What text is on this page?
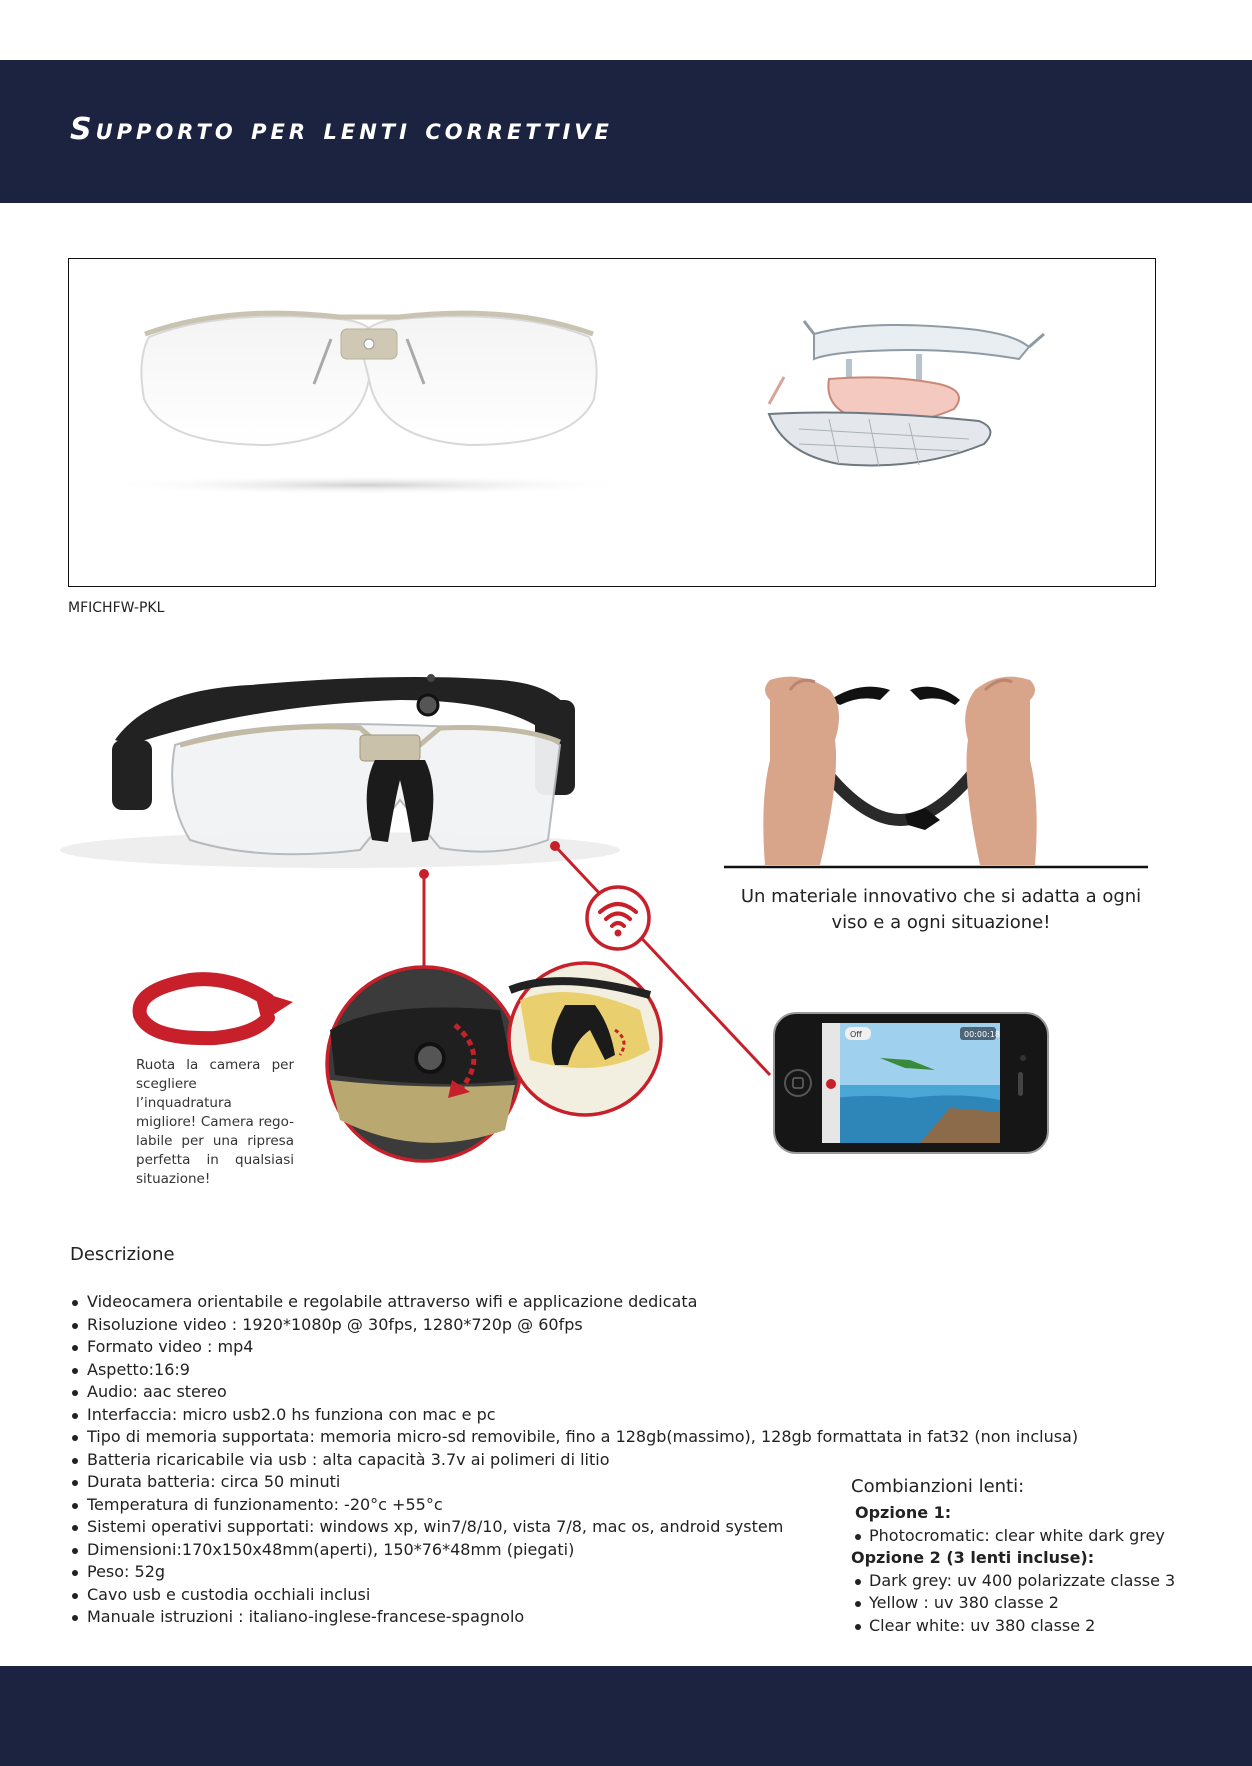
Supporto per lenti correttive
MFICHFW-PKL
Off	00:00:18
Un materiale innovativo che si adatta a ogni viso e a ogni situazione!
Ruota la camera per scegliere l’inquadratura migliore! Camera rego-labile per una ripresa perfetta in qualsiasi situazione!
Descrizione
Videocamera orientabile e regolabile attraverso wifi e applicazione dedicata
Risoluzione video : 1920*1080p @ 30fps, 1280*720p @ 60fps
Formato video : mp4
Aspetto:16:9
Audio: aac stereo
Interfaccia: micro usb2.0 hs funziona con mac e pc
Tipo di memoria supportata: memoria micro-sd removibile, fino a 128gb(massimo), 128gb formattata in fat32 (non inclusa)
Batteria ricaricabile via usb : alta capacità 3.7v ai polimeri di litio
Durata batteria: circa 50 minuti
Temperatura di funzionamento: -20°c +55°c
Sistemi operativi supportati: windows xp, win7/8/10, vista 7/8, mac os, android system
Dimensioni:170x150x48mm(aperti), 150*76*48mm (piegati)
Peso: 52g
Cavo usb e custodia occhiali inclusi
Manuale istruzioni : italiano-inglese-francese-spagnolo
Combianzioni lenti:
Opzione 1:
Photocromatic: clear white dark grey
Opzione 2 (3 lenti incluse):
Dark grey: uv 400 polarizzate classe 3
Yellow : uv 380 classe 2
Clear white: uv 380 classe 2
